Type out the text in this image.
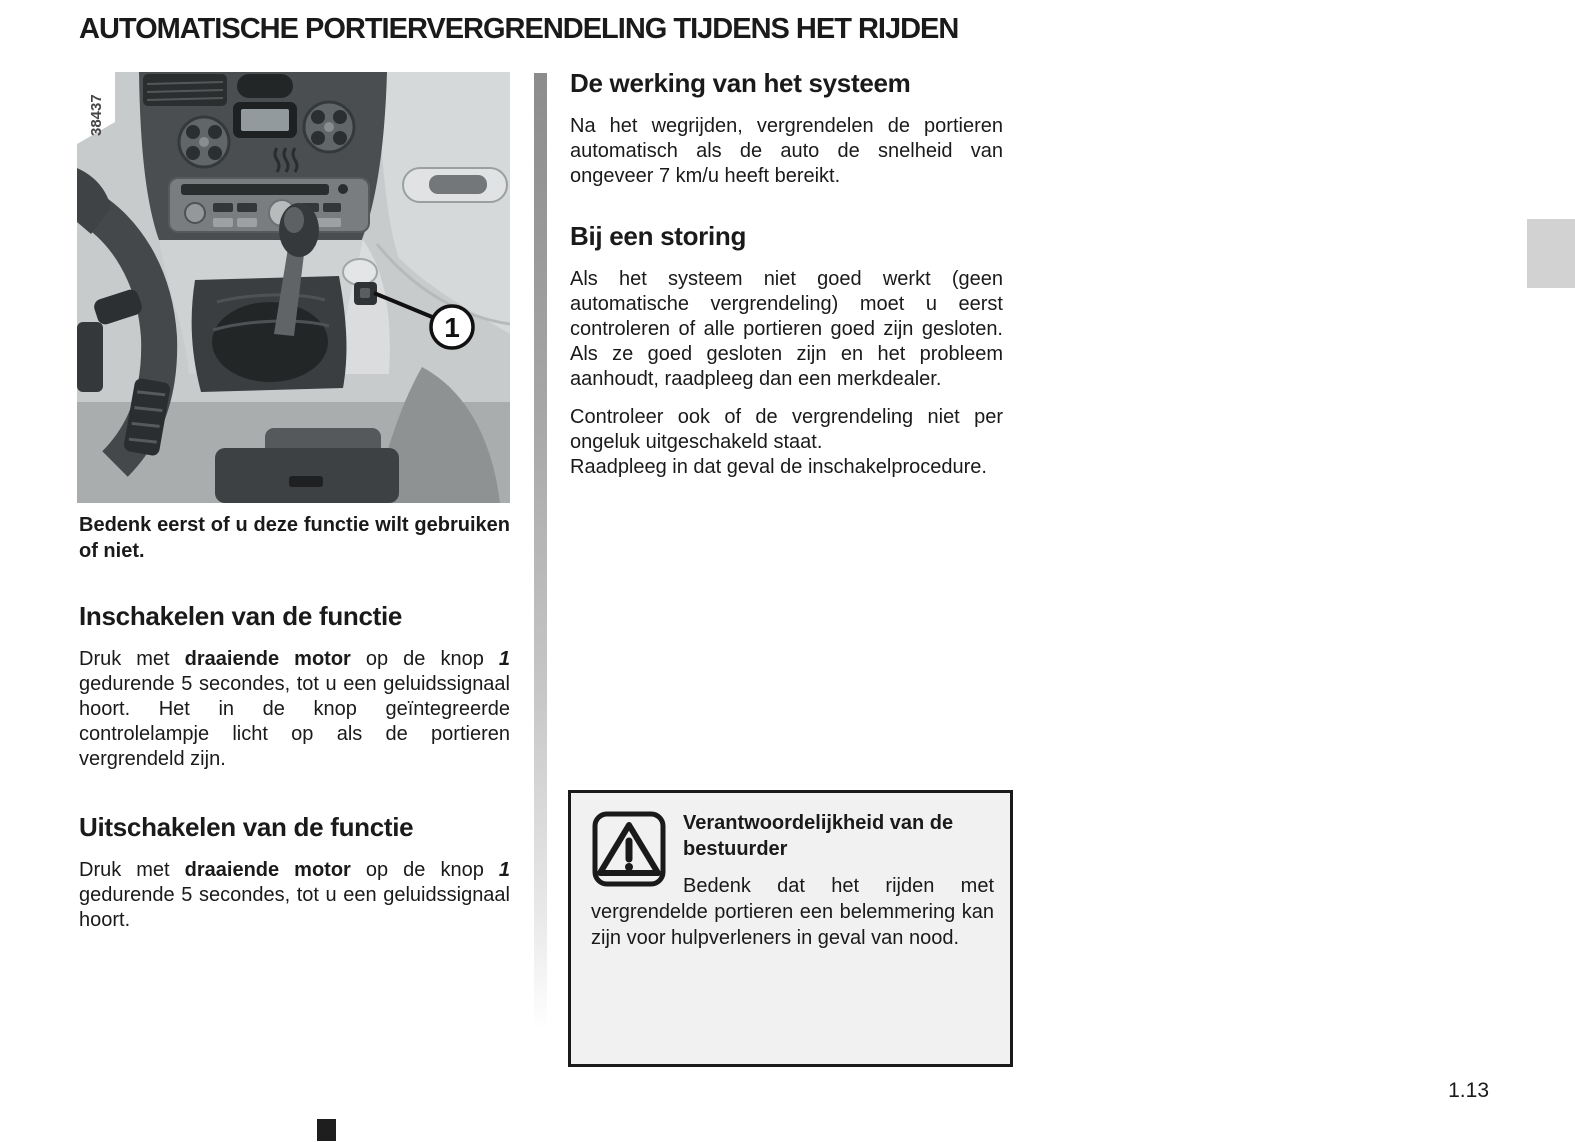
AUTOMATISCHE PORTIERVERGRENDELING TIJDENS HET RIJDEN
1
38437

Bedenk eerst of u deze functie wilt gebruiken of niet.

Inschakelen van de functie

Druk met draaiende motor op de knop 1 gedurende 5 secondes, tot u een geluidssignaal hoort. Het in de knop geïntegreerde controlelampje licht op als de portieren vergrendeld zijn.

Uitschakelen van de functie

Druk met draaiende motor op de knop 1 gedurende 5 secondes, tot u een geluidssignaal hoort.

De werking van het systeem

Na het wegrijden, vergrendelen de portieren automatisch als de auto de snelheid van ongeveer 7 km/u heeft bereikt.

Bij een storing

Als het systeem niet goed werkt (geen automatische vergrendeling) moet u eerst controleren of alle portieren goed zijn gesloten. Als ze goed gesloten zijn en het probleem aanhoudt, raadpleeg dan een merkdealer.

Controleer ook of de vergrendeling niet per ongeluk uitgeschakeld staat.

Raadpleeg in dat geval de inschakelprocedure.

Verantwoordelijkheid van de bestuurder

Bedenk dat het rijden met vergrendelde portieren een belemmering kan zijn voor hulpverleners in geval van nood.

1.13
